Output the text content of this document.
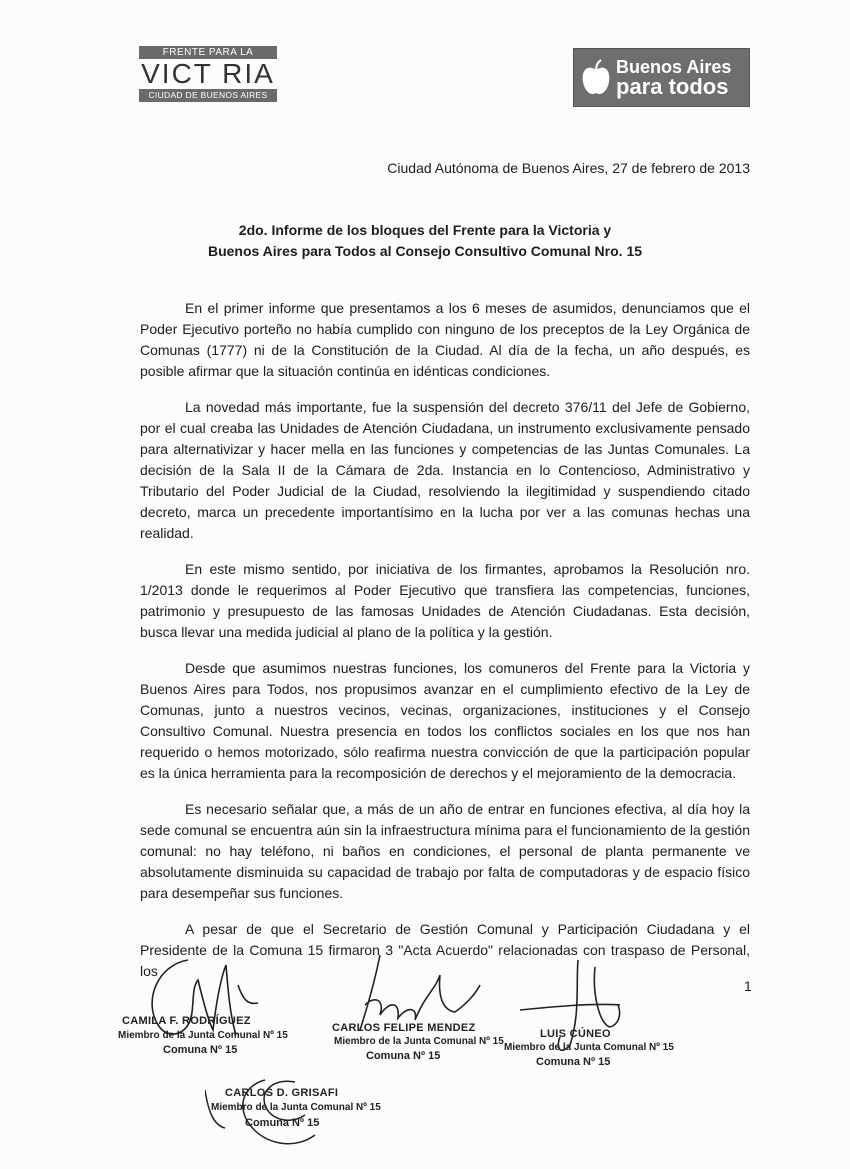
FRENTE PARA LA
VICT RIA
CIUDAD DE BUENOS AIRES
Buenos Aires
para todos
Ciudad Autónoma de Buenos Aires, 27 de febrero de 2013
2do. Informe de los bloques del Frente para la Victoria y
Buenos Aires para Todos al Consejo Consultivo Comunal Nro. 15

En el primer informe que presentamos a los 6 meses de asumidos, denunciamos que el Poder Ejecutivo porteño no había cumplido con ninguno de los preceptos de la Ley Orgánica de Comunas (1777) ni de la Constitución de la Ciudad. Al día de la fecha, un año después, es posible afirmar que la situación continúa en idénticas condiciones.

La novedad más importante, fue la suspensión del decreto 376/11 del Jefe de Gobierno, por el cual creaba las Unidades de Atención Ciudadana, un instrumento exclusivamente pensado para alternativizar y hacer mella en las funciones y competencias de las Juntas Comunales. La decisión de la Sala II de la Cámara de 2da. Instancia en lo Contencioso, Administrativo y Tributario del Poder Judicial de la Ciudad, resolviendo la ilegitimidad y suspendiendo citado decreto, marca un precedente importantísimo en la lucha por ver a las comunas hechas una realidad.

En este mismo sentido, por iniciativa de los firmantes, aprobamos la Resolución nro. 1/2013 donde le requerimos al Poder Ejecutivo que transfiera las competencias, funciones, patrimonio y presupuesto de las famosas Unidades de Atención Ciudadanas. Esta decisión, busca llevar una medida judicial al plano de la política y la gestión.

Desde que asumimos nuestras funciones, los comuneros del Frente para la Victoria y Buenos Aires para Todos, nos propusimos avanzar en el cumplimiento efectivo de la Ley de Comunas, junto a nuestros vecinos, vecinas, organizaciones, instituciones y el Consejo Consultivo Comunal. Nuestra presencia en todos los conflictos sociales en los que nos han requerido o hemos motorizado, sólo reafirma nuestra convicción de que la participación popular es la única herramienta para la recomposición de derechos y el mejoramiento de la democracia.

Es necesario señalar que, a más de un año de entrar en funciones efectiva, al día hoy la sede comunal se encuentra aún sin la infraestructura mínima para el funcionamiento de la gestión comunal: no hay teléfono, ni baños en condiciones, el personal de planta permanente ve absolutamente disminuida su capacidad de trabajo por falta de computadoras y de espacio físico para desempeñar sus funciones.

A pesar de que el Secretario de Gestión Comunal y Participación Ciudadana y el Presidente de la Comuna 15 firmaron 3 "Acta Acuerdo" relacionadas con traspaso de Personal, los

1
CAMILA F. RODRÍGUEZ
Miembro de la Junta Comunal Nº 15
Comuna Nº 15
CARLOS FELIPE MENDEZ
Miembro de la Junta Comunal Nº 15
Comuna Nº 15
LUIS CÚNEO
Miembro de la Junta Comunal Nº 15
Comuna Nº 15
CARLOS D. GRISAFI
Miembro de la Junta Comunal Nº 15
Comuna Nº 15
